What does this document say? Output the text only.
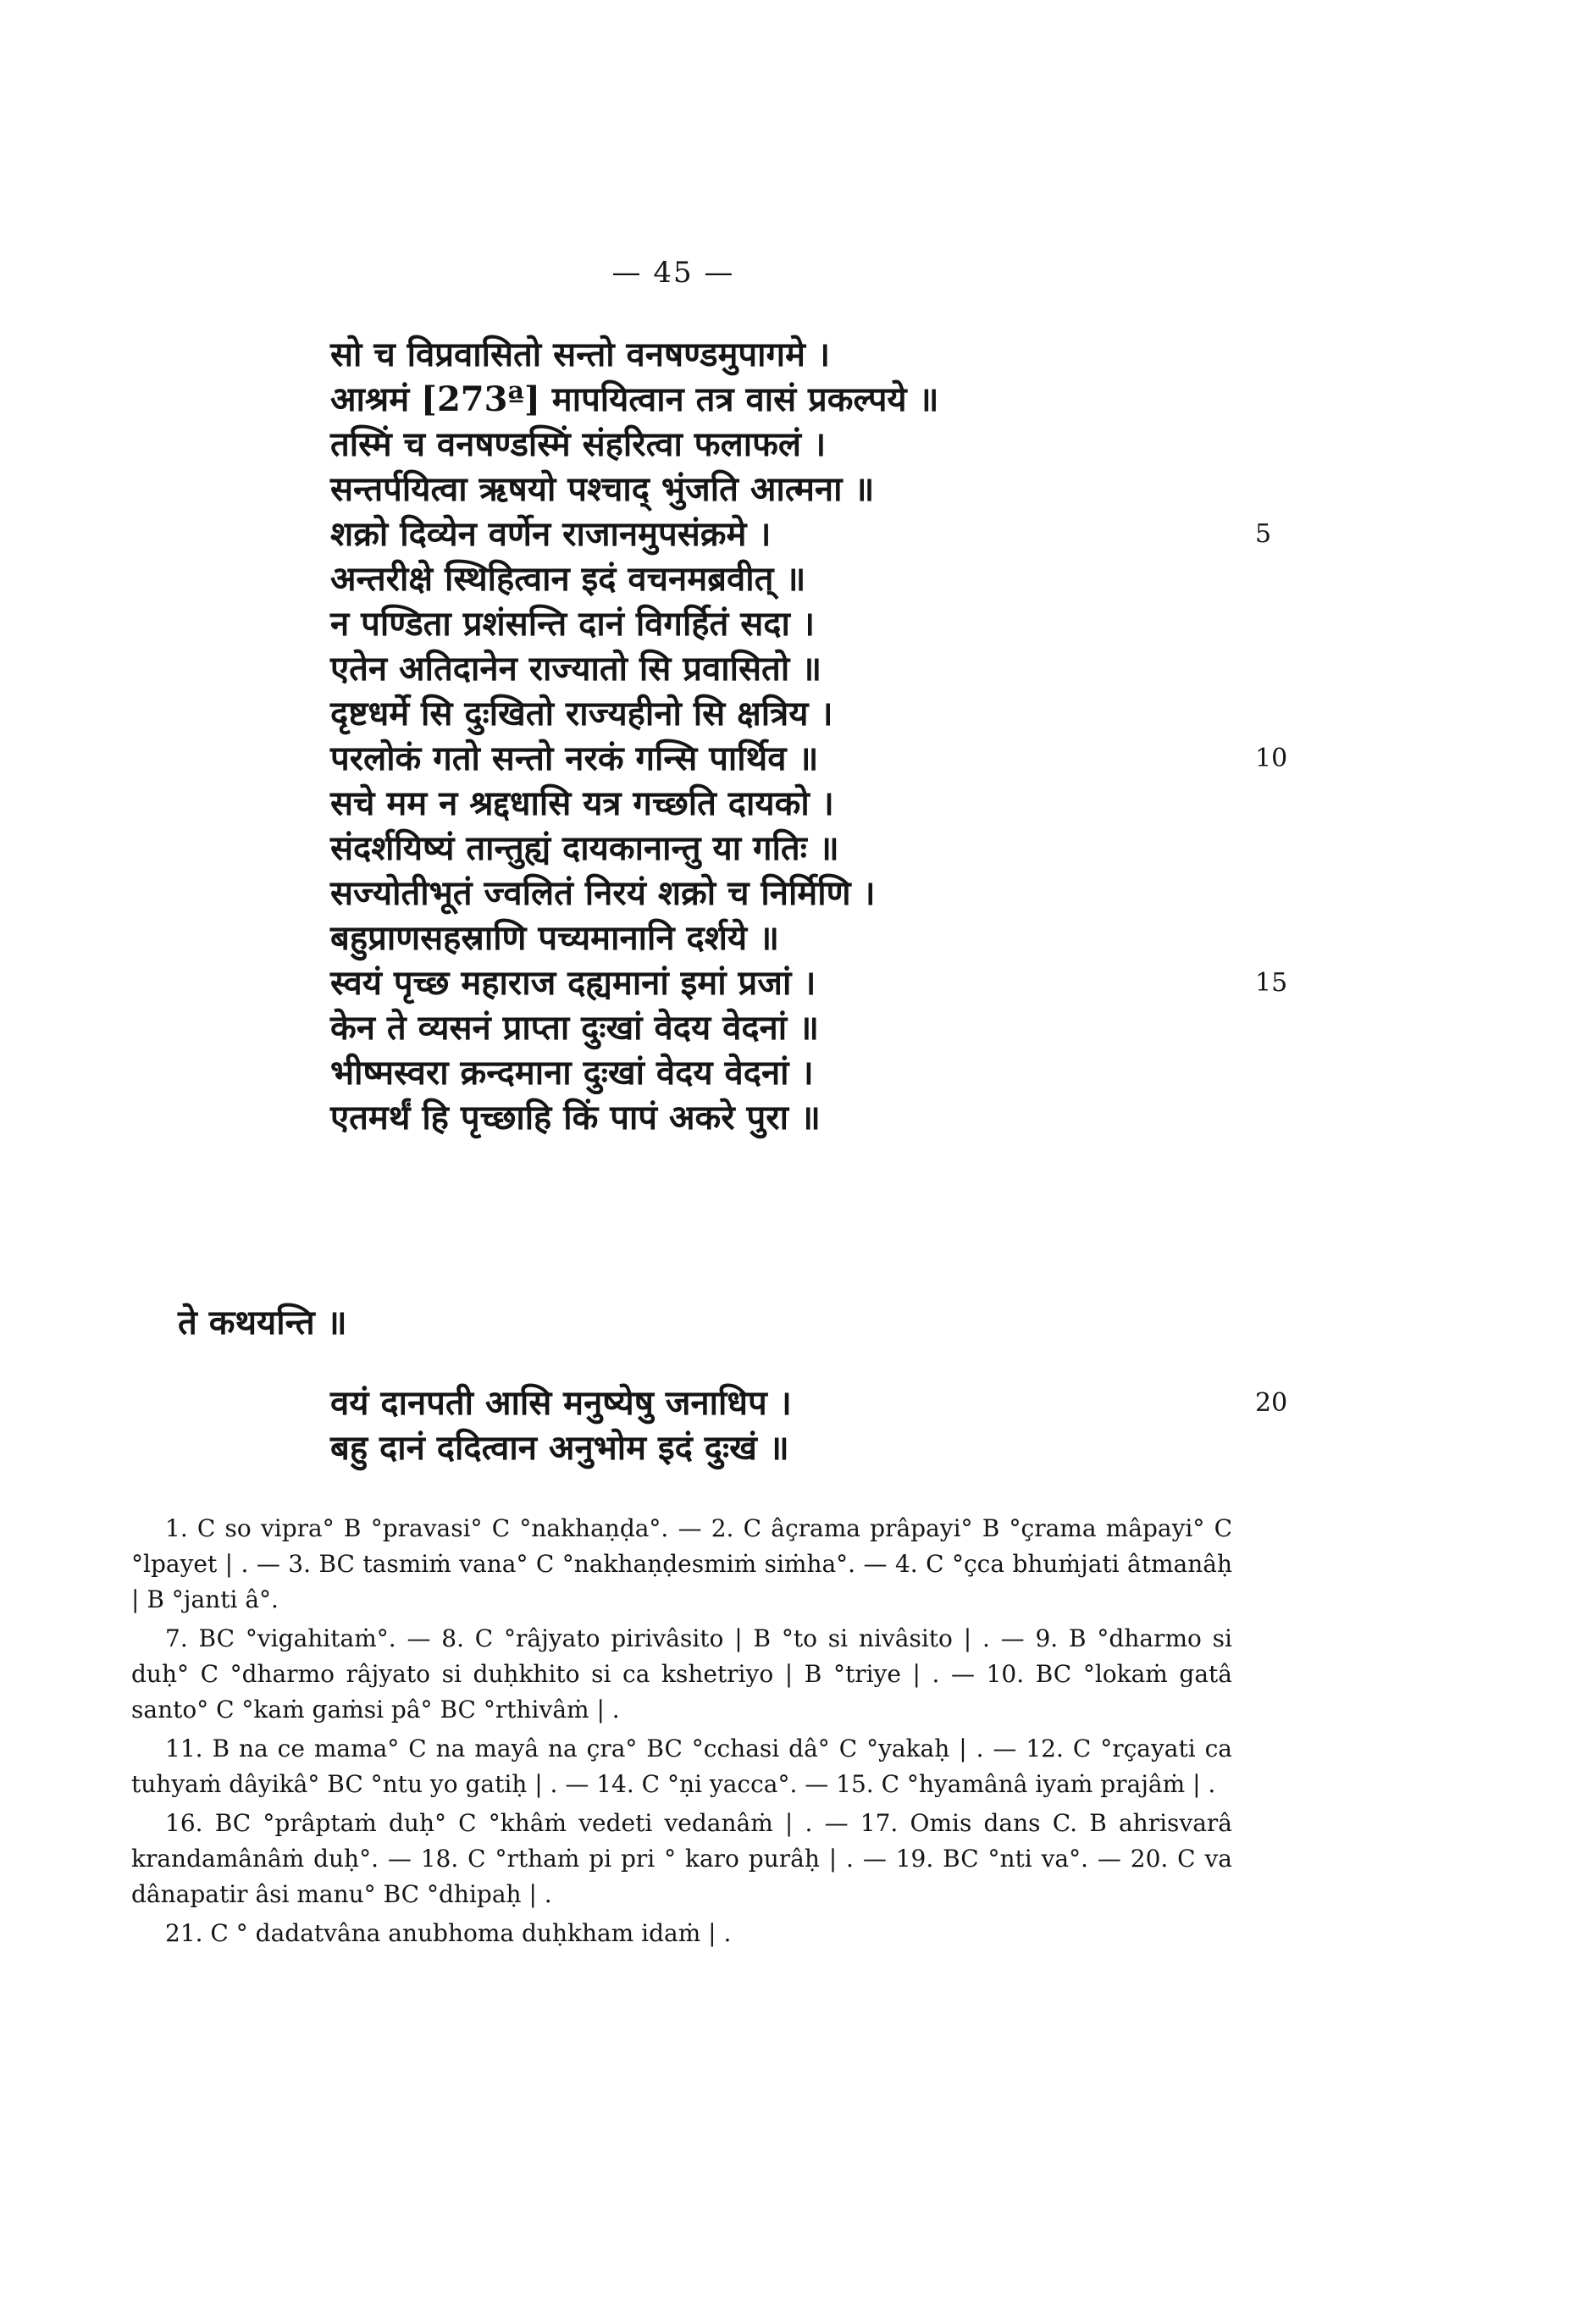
— 45 —
सो च विप्रवासितो सन्तो वनषण्डमुपागमे ।
आश्रमं [273ª] मापयित्वान तत्र वासं प्रकल्पये ॥
तस्मिं च वनषण्डस्मिं संहरित्वा फलाफलं ।
सन्तर्पयित्वा ऋषयो पश्चाद् भुंजति आत्मना ॥
शक्रो दिव्येन वर्णेन राजानमुपसंक्रमे ।	5
अन्तरीक्षे स्थिहित्वान इदं वचनमब्रवीत् ॥
न पण्डिता प्रशंसन्ति दानं विगर्हितं सदा ।
एतेन अतिदानेन राज्यातो सि प्रवासितो ॥
दृष्टधर्मे सि दुःखितो राज्यहीनो सि क्षत्रिय ।
परलोकं गतो सन्तो नरकं गन्सि पार्थिव ॥	10
सचे मम न श्रद्दधासि यत्र गच्छति दायको ।
संदर्शयिष्यं तान्तुह्यं दायकानान्तु या गतिः ॥
सज्योतीभूतं ज्वलितं निरयं शक्रो च निर्मिणि ।
बहुप्राणसहस्राणि पच्यमानानि दर्शये ॥
स्वयं पृच्छ महाराज दह्यमानां इमां प्रजां ।	15
केन ते व्यसनं प्राप्ता दुःखां वेदय वेदनां ॥
भीष्मस्वरा क्रन्दमाना दुःखां वेदय वेदनां ।
एतमर्थं हि पृच्छाहि किं पापं अकरे पुरा ॥
ते कथयन्ति ॥
वयं दानपती आसि मनुष्येषु जनाधिप ।	20
बहु दानं ददित्वान अनुभोम इदं दुःखं ॥

1. C so vipra° B °pravasi° C °nakhaṇḍa°. — 2. C âçrama prâpayi° B °çrama mâpayi° C °lpayet | . — 3. BC tasmiṁ vana° C °nakhaṇḍesmiṁ siṁha°. — 4. C °çca bhuṁjati âtmanâḥ | B °janti â°.

7. BC °vigahitaṁ°. — 8. C °râjyato pirivâsito | B °to si nivâsito | . — 9. B °dharmo si duḥ° C °dharmo râjyato si duḥkhito si ca kshetriyo | B °triye | . — 10. BC °lokaṁ gatâ santo° C °kaṁ gaṁsi pâ° BC °rthivâṁ | .

11. B na ce mama° C na mayâ na çra° BC °cchasi dâ° C °yakaḥ | . — 12. C °rçayati ca tuhyaṁ dâyikâ° BC °ntu yo gatiḥ | . — 14. C °ṇi yacca°. — 15. C °hyamânâ iyaṁ prajâṁ | .

16. BC °prâptaṁ duḥ° C °khâṁ vedeti vedanâṁ | . — 17. Omis dans C. B ahrisvarâ krandamânâṁ duḥ°. — 18. C °rthaṁ pi pri ° karo purâḥ | . — 19. BC °nti va°. — 20. C va dânapatir âsi manu° BC °dhipaḥ | .

21. C ° dadatvâna anubhoma duḥkham idaṁ | .
